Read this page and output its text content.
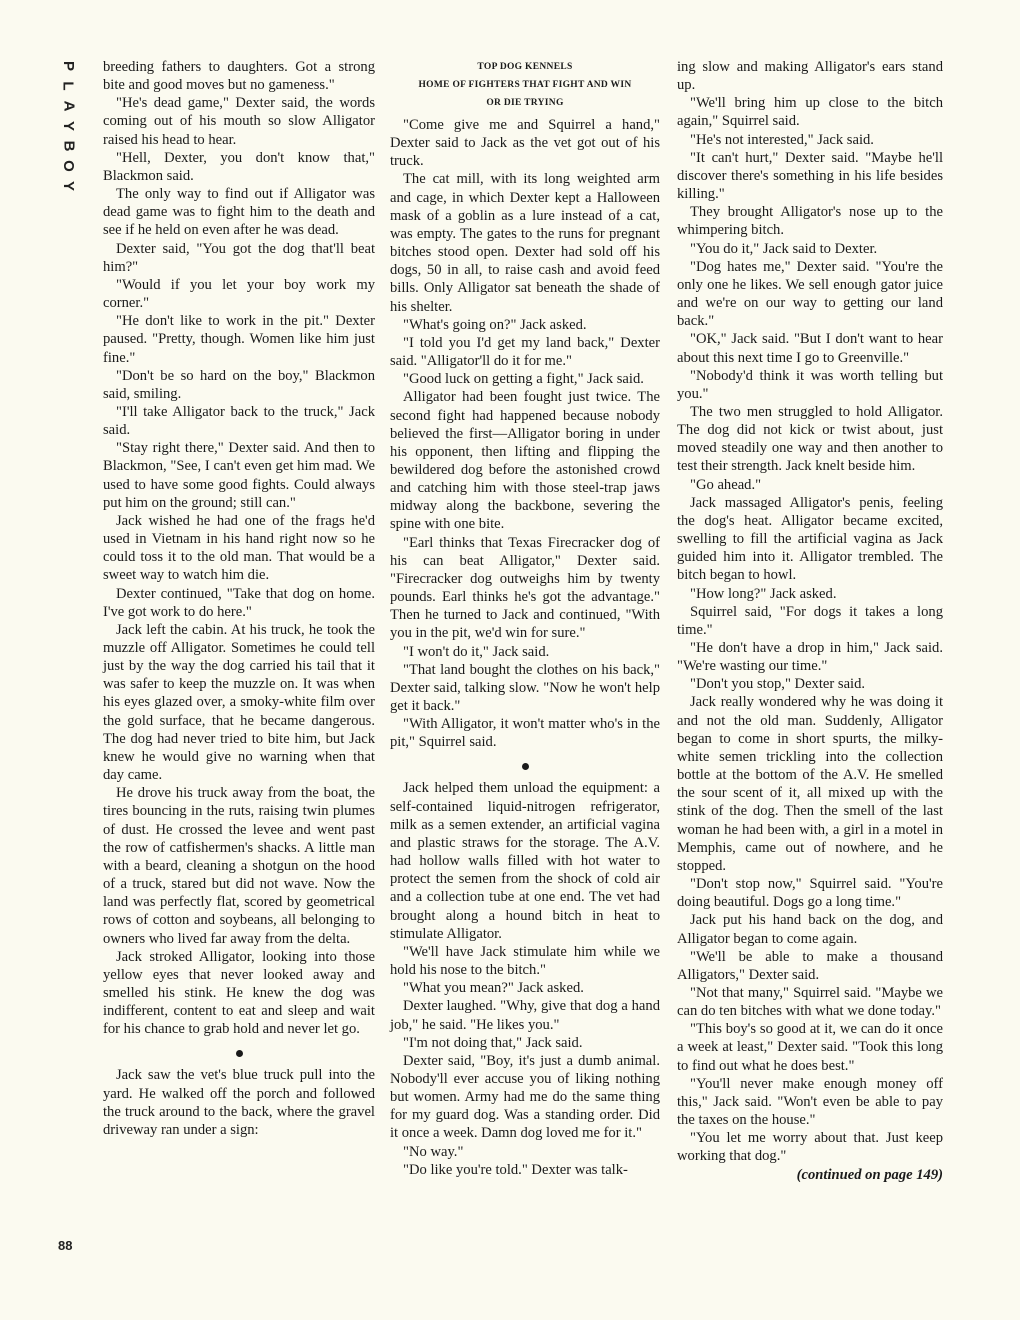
P
L
A
Y
B
O
Y
88

breeding fathers to daughters. Got a strong bite and good moves but no gameness."

"He's dead game," Dexter said, the words coming out of his mouth so slow Alligator raised his head to hear.

"Hell, Dexter, you don't know that," Blackmon said.

The only way to find out if Alligator was dead game was to fight him to the death and see if he held on even after he was dead.

Dexter said, "You got the dog that'll beat him?"

"Would if you let your boy work my corner."

"He don't like to work in the pit." Dexter paused. "Pretty, though. Women like him just fine."

"Don't be so hard on the boy," Blackmon said, smiling.

"I'll take Alligator back to the truck," Jack said.

"Stay right there," Dexter said. And then to Blackmon, "See, I can't even get him mad. We used to have some good fights. Could always put him on the ground; still can."

Jack wished he had one of the frags he'd used in Vietnam in his hand right now so he could toss it to the old man. That would be a sweet way to watch him die.

Dexter continued, "Take that dog on home. I've got work to do here."

Jack left the cabin. At his truck, he took the muzzle off Alligator. Sometimes he could tell just by the way the dog carried his tail that it was safer to keep the muzzle on. It was when his eyes glazed over, a smoky-white film over the gold surface, that he became dangerous. The dog had never tried to bite him, but Jack knew he would give no warning when that day came.

He drove his truck away from the boat, the tires bouncing in the ruts, raising twin plumes of dust. He crossed the levee and went past the row of catfishermen's shacks. A little man with a beard, cleaning a shotgun on the hood of a truck, stared but did not wave. Now the land was perfectly flat, scored by geometrical rows of cotton and soybeans, all belonging to owners who lived far away from the delta.

Jack stroked Alligator, looking into those yellow eyes that never looked away and smelled his stink. He knew the dog was indifferent, content to eat and sleep and wait for his chance to grab hold and never let go.

Jack saw the vet's blue truck pull into the yard. He walked off the porch and followed the truck around to the back, where the gravel driveway ran under a sign:

TOP DOG KENNELS
HOME OF FIGHTERS THAT FIGHT AND WIN
OR DIE TRYING

"Come give me and Squirrel a hand," Dexter said to Jack as the vet got out of his truck.

The cat mill, with its long weighted arm and cage, in which Dexter kept a Halloween mask of a goblin as a lure instead of a cat, was empty. The gates to the runs for pregnant bitches stood open. Dexter had sold off his dogs, 50 in all, to raise cash and avoid feed bills. Only Alligator sat beneath the shade of his shelter.

"What's going on?" Jack asked.

"I told you I'd get my land back," Dexter said. "Alligator'll do it for me."

"Good luck on getting a fight," Jack said.

Alligator had been fought just twice. The second fight had happened because nobody believed the first—Alligator boring in under his opponent, then lifting and flipping the bewildered dog before the astonished crowd and catching him with those steel-trap jaws midway along the backbone, severing the spine with one bite.

"Earl thinks that Texas Firecracker dog of his can beat Alligator," Dexter said. "Firecracker dog outweighs him by twenty pounds. Earl thinks he's got the advantage." Then he turned to Jack and continued, "With you in the pit, we'd win for sure."

"I won't do it," Jack said.

"That land bought the clothes on his back," Dexter said, talking slow. "Now he won't help get it back."

"With Alligator, it won't matter who's in the pit," Squirrel said.

Jack helped them unload the equipment: a self-contained liquid-nitrogen refrigerator, milk as a semen extender, an artificial vagina and plastic straws for the storage. The A.V. had hollow walls filled with hot water to protect the semen from the shock of cold air and a collection tube at one end. The vet had brought along a hound bitch in heat to stimulate Alligator.

"We'll have Jack stimulate him while we hold his nose to the bitch."

"What you mean?" Jack asked.

Dexter laughed. "Why, give that dog a hand job," he said. "He likes you."

"I'm not doing that," Jack said.

Dexter said, "Boy, it's just a dumb animal. Nobody'll ever accuse you of liking nothing but women. Army had me do the same thing for my guard dog. Was a standing order. Did it once a week. Damn dog loved me for it."

"No way."

"Do like you're told." Dexter was talk-

ing slow and making Alligator's ears stand up.

"We'll bring him up close to the bitch again," Squirrel said.

"He's not interested," Jack said.

"It can't hurt," Dexter said. "Maybe he'll discover there's something in his life besides killing."

They brought Alligator's nose up to the whimpering bitch.

"You do it," Jack said to Dexter.

"Dog hates me," Dexter said. "You're the only one he likes. We sell enough gator juice and we're on our way to getting our land back."

"OK," Jack said. "But I don't want to hear about this next time I go to Greenville."

"Nobody'd think it was worth telling but you."

The two men struggled to hold Alligator. The dog did not kick or twist about, just moved steadily one way and then another to test their strength. Jack knelt beside him.

"Go ahead."

Jack massaged Alligator's penis, feeling the dog's heat. Alligator became excited, swelling to fill the artificial vagina as Jack guided him into it. Alligator trembled. The bitch began to howl.

"How long?" Jack asked.

Squirrel said, "For dogs it takes a long time."

"He don't have a drop in him," Jack said. "We're wasting our time."

"Don't you stop," Dexter said.

Jack really wondered why he was doing it and not the old man. Suddenly, Alligator began to come in short spurts, the milky-white semen trickling into the collection bottle at the bottom of the A.V. He smelled the sour scent of it, all mixed up with the stink of the dog. Then the smell of the last woman he had been with, a girl in a motel in Memphis, came out of nowhere, and he stopped.

"Don't stop now," Squirrel said. "You're doing beautiful. Dogs go a long time."

Jack put his hand back on the dog, and Alligator began to come again.

"We'll be able to make a thousand Alligators," Dexter said.

"Not that many," Squirrel said. "Maybe we can do ten bitches with what we done today."

"This boy's so good at it, we can do it once a week at least," Dexter said. "Took this long to find out what he does best."

"You'll never make enough money off this," Jack said. "Won't even be able to pay the taxes on the house."

"You let me worry about that. Just keep working that dog."

(continued on page 149)
